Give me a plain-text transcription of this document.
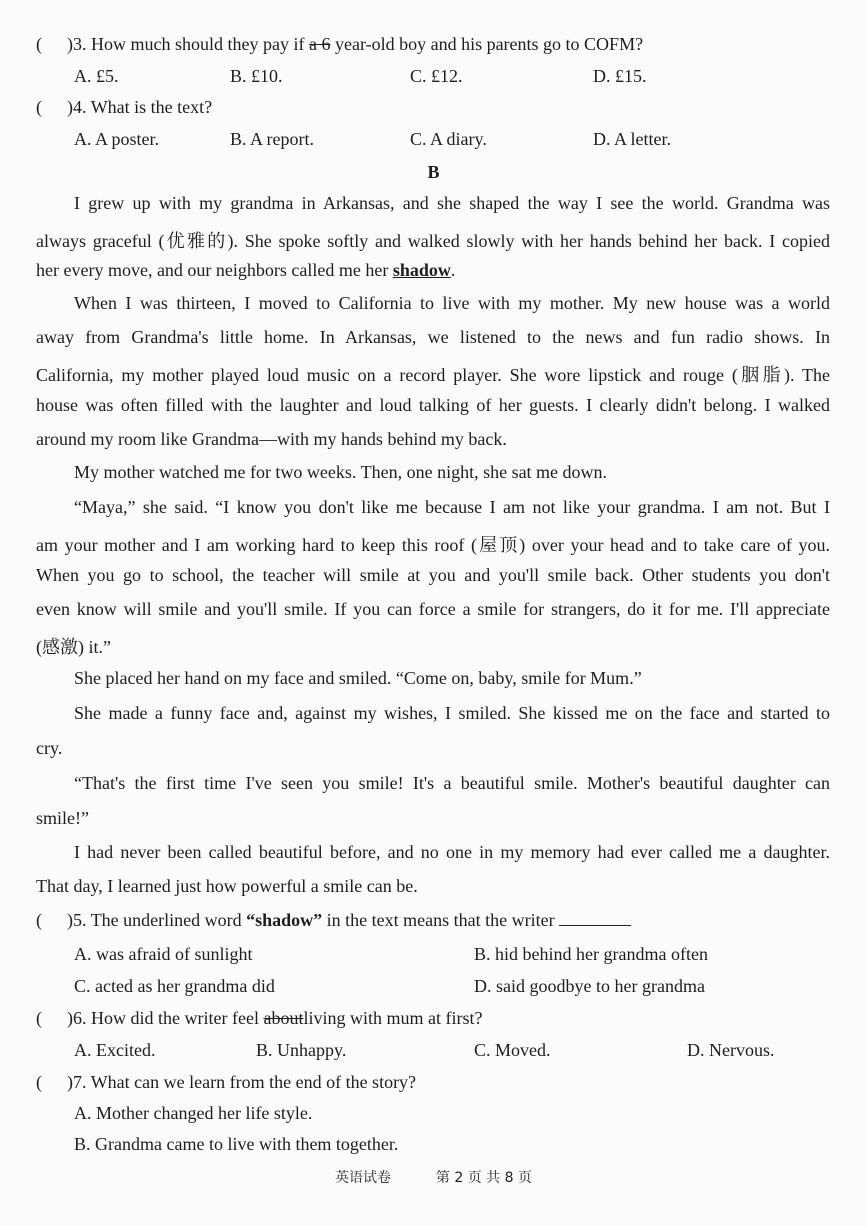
( )3. How much should they pay if a 6 year-old boy and his parents go to COFM?
A. £5.	B. £10.	C. £12.	D. £15.
( )4. What is the text?
A. A poster.	B. A report.	C. A diary.	D. A letter.
B
I grew up with my grandma in Arkansas, and she shaped the way I see the world. Grandma was
always graceful (优雅的). She spoke softly and walked slowly with her hands behind her back. I copied
her every move, and our neighbors called me her shadow.
When I was thirteen, I moved to California to live with my mother. My new house was a world
away from Grandma's little home. In Arkansas, we listened to the news and fun radio shows. In
California, my mother played loud music on a record player. She wore lipstick and rouge (胭脂). The
house was often filled with the laughter and loud talking of her guests. I clearly didn't belong. I walked
around my room like Grandma—with my hands behind my back.
My mother watched me for two weeks. Then, one night, she sat me down.
“Maya,” she said. “I know you don't like me because I am not like your grandma. I am not. But I
am your mother and I am working hard to keep this roof (屋顶) over your head and to take care of you.
When you go to school, the teacher will smile at you and you'll smile back. Other students you don't
even know will smile and you'll smile. If you can force a smile for strangers, do it for me. I'll appreciate
(感激) it.”
She placed her hand on my face and smiled. “Come on, baby, smile for Mum.”
She made a funny face and, against my wishes, I smiled. She kissed me on the face and started to
cry.
“That's the first time I've seen you smile! It's a beautiful smile. Mother's beautiful daughter can
smile!”
I had never been called beautiful before, and no one in my memory had ever called me a daughter.
That day, I learned just how powerful a smile can be.
( )5. The underlined word “shadow” in the text means that the writer
A. was afraid of sunlight	B. hid behind her grandma often
C. acted as her grandma did	D. said goodbye to her grandma
( )6. How did the writer feel aboutliving with mum at first?
A. Excited.	B. Unhappy.	C. Moved.	D. Nervous.
( )7. What can we learn from the end of the story?
A. Mother changed her life style.
B. Grandma came to live with them together.
英语试卷	第 2 页 共 8 页
